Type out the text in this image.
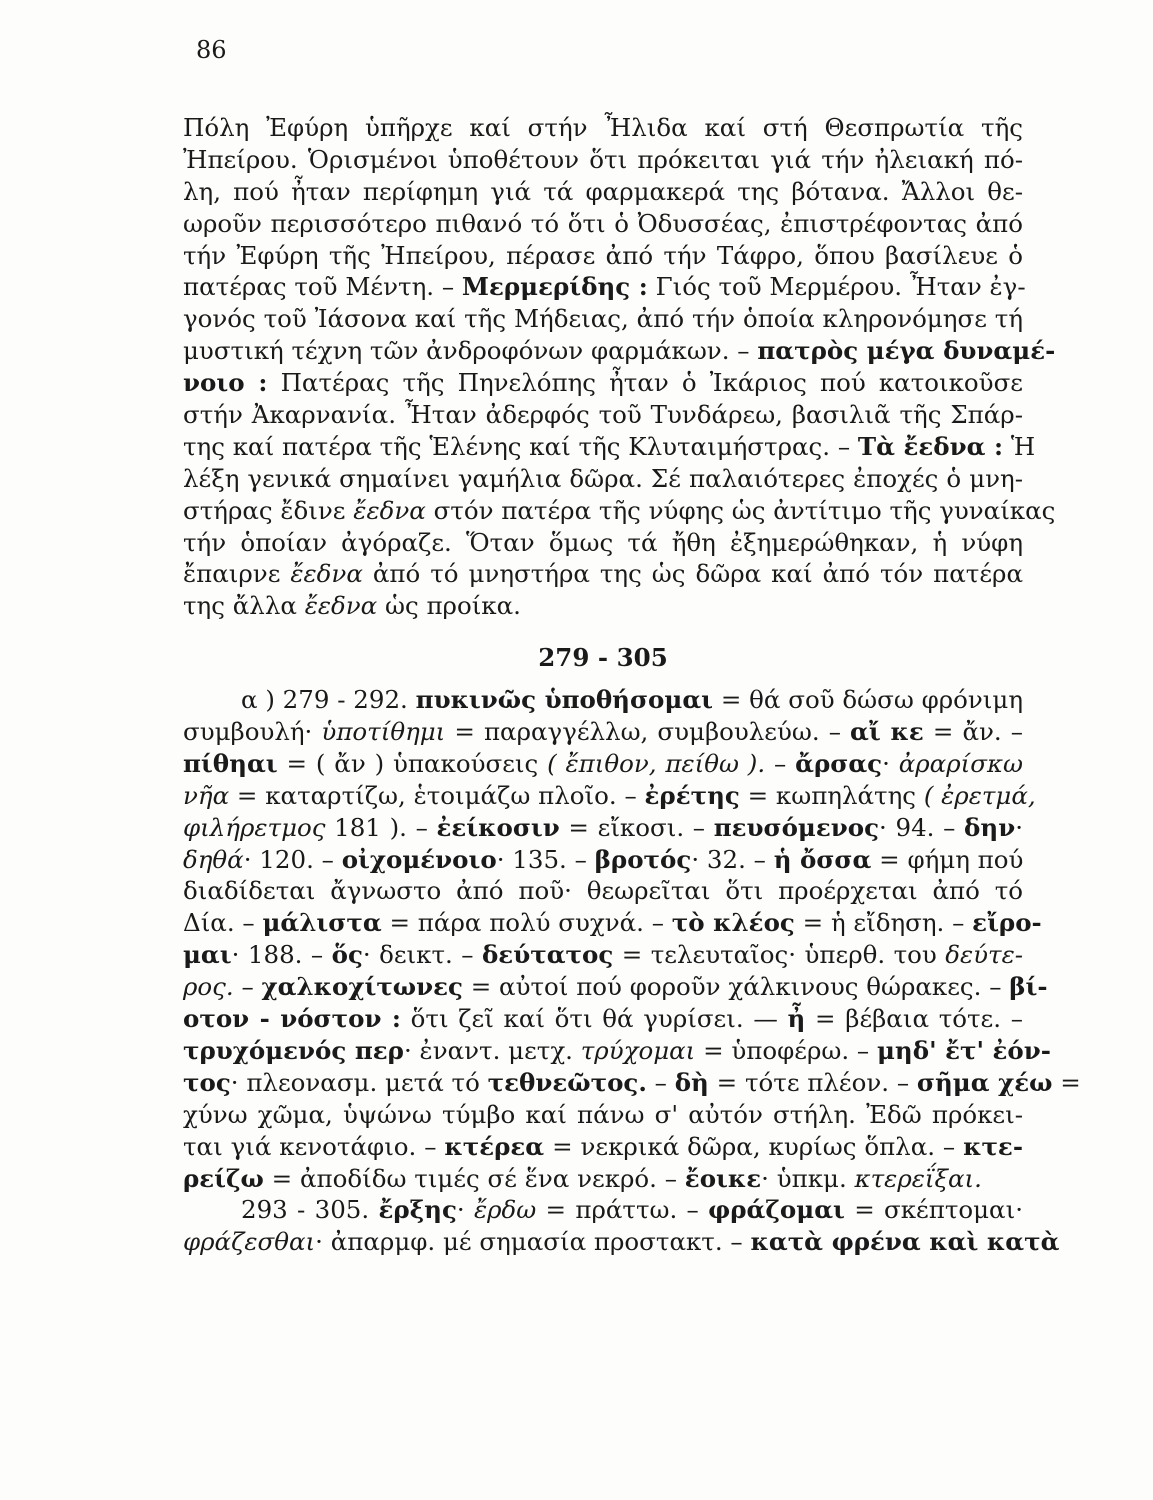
86
Πόλη Ἐφύρη ὑπῆρχε καί στήν Ἦλιδα καί στή Θεσπρωτία τῆς
Ἠπείρου. Ὁρισμένοι ὑποθέτουν ὅτι πρόκειται γιά τήν ἠλειακή πό-
λη, πού ἦταν περίφημη γιά τά φαρμακερά της βότανα. Ἄλλοι θε-
ωροῦν περισσότερο πιθανό τό ὅτι ὁ Ὀδυσσέας, ἐπιστρέφοντας ἀπό
τήν Ἐφύρη τῆς Ἠπείρου, πέρασε ἀπό τήν Τάφρο, ὅπου βασίλευε ὁ
πατέρας τοῦ Μέντη. – Μερμερίδης : Γιός τοῦ Μερμέρου. Ἦταν ἐγ-
γονός τοῦ Ἰάσονα καί τῆς Μήδειας, ἀπό τήν ὁποία κληρονόμησε τή
μυστική τέχνη τῶν ἀνδροφόνων φαρμάκων. – πατρὸς μέγα δυναμέ-
νοιο : Πατέρας τῆς Πηνελόπης ἦταν ὁ Ἰκάριος πού κατοικοῦσε
στήν Ἀκαρνανία. Ἦταν ἀδερφός τοῦ Τυνδάρεω, βασιλιᾶ τῆς Σπάρ-
της καί πατέρα τῆς Ἑλένης καί τῆς Κλυταιμήστρας. – Τὰ ἔεδνα : Ἡ
λέξη γενικά σημαίνει γαμήλια δῶρα. Σέ παλαιότερες ἐποχές ὁ μνη-
στήρας ἔδινε ἔεδνα στόν πατέρα τῆς νύφης ὡς ἀντίτιμο τῆς γυναίκας
τήν ὁποίαν ἀγόραζε. Ὅταν ὅμως τά ἤθη ἐξημερώθηκαν, ἡ νύφη
ἔπαιρνε ἔεδνα ἀπό τό μνηστήρα της ὡς δῶρα καί ἀπό τόν πατέρα
της ἄλλα ἔεδνα ὡς προίκα.
279 - 305
α ) 279 - 292. πυκινῶς ὑποθήσομαι = θά σοῦ δώσω φρόνιμη
συμβουλή· ὑποτίθημι = παραγγέλλω, συμβουλεύω. – αἴ κε = ἄν. –
πίθηαι = ( ἄν ) ὑπακούσεις ( ἔπιθον, πείθω ). – ἄρσας· ἀραρίσκω
νῆα = καταρτίζω, ἑτοιμάζω πλοῖο. – ἐρέτης = κωπηλάτης ( ἐρετμά,
φιλήρετμος 181 ). – ἐείκοσιν = εἴκοσι. – πευσόμενος· 94. – δην·
δηθά· 120. – οἰχομένοιο· 135. – βροτός· 32. – ἡ ὄσσα = φήμη πού
διαδίδεται ἄγνωστο ἀπό ποῦ· θεωρεῖται ὅτι προέρχεται ἀπό τό
Δία. – μάλιστα = πάρα πολύ συχνά. – τὸ κλέος = ἡ εἴδηση. – εἴρο-
μαι· 188. – ὅς· δεικτ. – δεύτατος = τελευταῖος· ὑπερθ. του δεύτε-
ρος. – χαλκοχίτωνες = αὐτοί πού φοροῦν χάλκινους θώρακες. – βί-
οτον - νόστον : ὅτι ζεῖ καί ὅτι θά γυρίσει. — ἦ = βέβαια τότε. –
τρυχόμενός περ· ἐναντ. μετχ. τρύχομαι = ὑποφέρω. – μηδ' ἔτ' ἐόν-
τος· πλεονασμ. μετά τό τεθνεῶτος. – δὴ = τότε πλέον. – σῆμα χέω =
χύνω χῶμα, ὑψώνω τύμβο καί πάνω σ' αὐτόν στήλη. Ἐδῶ πρόκει-
ται γιά κενοτάφιο. – κτέρεα = νεκρικά δῶρα, κυρίως ὅπλα. – κτε-
ρείζω = ἀποδίδω τιμές σέ ἕνα νεκρό. – ἔοικε· ὑπκμ. κτερεΐξαι.
293 - 305. ἔρξης· ἔρδω = πράττω. – φράζομαι = σκέπτομαι·
φράζεσθαι· ἀπαρμφ. μέ σημασία προστακτ. – κατὰ φρένα καὶ κατὰ
